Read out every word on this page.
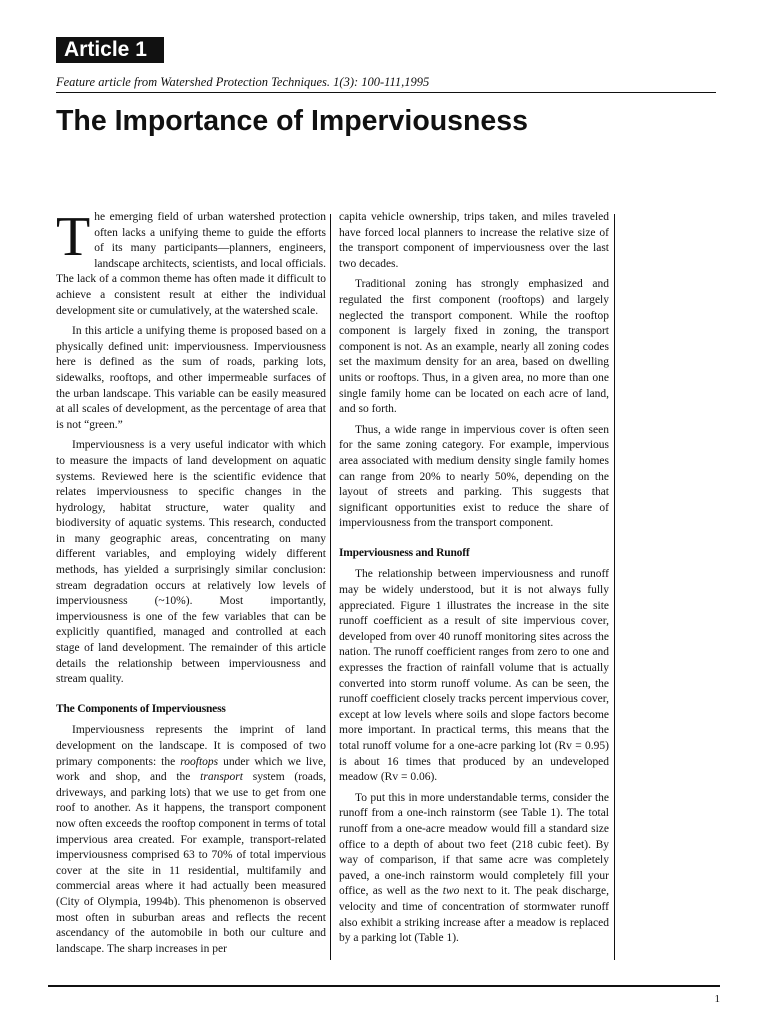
Article 1
Feature article from Watershed Protection Techniques. 1(3): 100-111,1995
The Importance of Imperviousness

The emerging field of urban watershed protection often lacks a unifying theme to guide the efforts of its many participants—planners, engineers, landscape architects, scientists, and local officials. The lack of a common theme has often made it difficult to achieve a consistent result at either the individual development site or cumulatively, at the watershed scale.

In this article a unifying theme is proposed based on a physically defined unit: imperviousness. Imperviousness here is defined as the sum of roads, parking lots, sidewalks, rooftops, and other impermeable surfaces of the urban landscape. This variable can be easily measured at all scales of development, as the percentage of area that is not “green.”

Imperviousness is a very useful indicator with which to measure the impacts of land development on aquatic systems. Reviewed here is the scientific evidence that relates imperviousness to specific changes in the hydrology, habitat structure, water quality and biodiversity of aquatic systems. This research, conducted in many geographic areas, concentrating on many different variables, and employing widely different methods, has yielded a surprisingly similar conclusion: stream degradation occurs at relatively low levels of imperviousness (~10%). Most importantly, imperviousness is one of the few variables that can be explicitly quantified, managed and controlled at each stage of land development. The remainder of this article details the relationship between imperviousness and stream quality.

The Components of Imperviousness

Imperviousness represents the imprint of land development on the landscape. It is composed of two primary components: the rooftops under which we live, work and shop, and the transport system (roads, driveways, and parking lots) that we use to get from one roof to another. As it happens, the transport component now often exceeds the rooftop component in terms of total impervious area created. For example, transport-related imperviousness comprised 63 to 70% of total impervious cover at the site in 11 residential, multifamily and commercial areas where it had actually been measured (City of Olympia, 1994b). This phenomenon is observed most often in suburban areas and reflects the recent ascendancy of the automobile in both our culture and landscape. The sharp increases in per

capita vehicle ownership, trips taken, and miles traveled have forced local planners to increase the relative size of the transport component of imperviousness over the last two decades.

Traditional zoning has strongly emphasized and regulated the first component (rooftops) and largely neglected the transport component. While the rooftop component is largely fixed in zoning, the transport component is not. As an example, nearly all zoning codes set the maximum density for an area, based on dwelling units or rooftops. Thus, in a given area, no more than one single family home can be located on each acre of land, and so forth.

Thus, a wide range in impervious cover is often seen for the same zoning category. For example, impervious area associated with medium density single family homes can range from 20% to nearly 50%, depending on the layout of streets and parking. This suggests that significant opportunities exist to reduce the share of imperviousness from the transport component.

Imperviousness and Runoff

The relationship between imperviousness and runoff may be widely understood, but it is not always fully appreciated. Figure 1 illustrates the increase in the site runoff coefficient as a result of site impervious cover, developed from over 40 runoff monitoring sites across the nation. The runoff coefficient ranges from zero to one and expresses the fraction of rainfall volume that is actually converted into storm runoff volume. As can be seen, the runoff coefficient closely tracks percent impervious cover, except at low levels where soils and slope factors become more important. In practical terms, this means that the total runoff volume for a one-acre parking lot (Rv = 0.95) is about 16 times that produced by an undeveloped meadow (Rv = 0.06).

To put this in more understandable terms, consider the runoff from a one-inch rainstorm (see Table 1). The total runoff from a one-acre meadow would fill a standard size office to a depth of about two feet (218 cubic feet). By way of comparison, if that same acre was completely paved, a one-inch rainstorm would completely fill your office, as well as the two next to it. The peak discharge, velocity and time of concentration of stormwater runoff also exhibit a striking increase after a meadow is replaced by a parking lot (Table 1).

1
